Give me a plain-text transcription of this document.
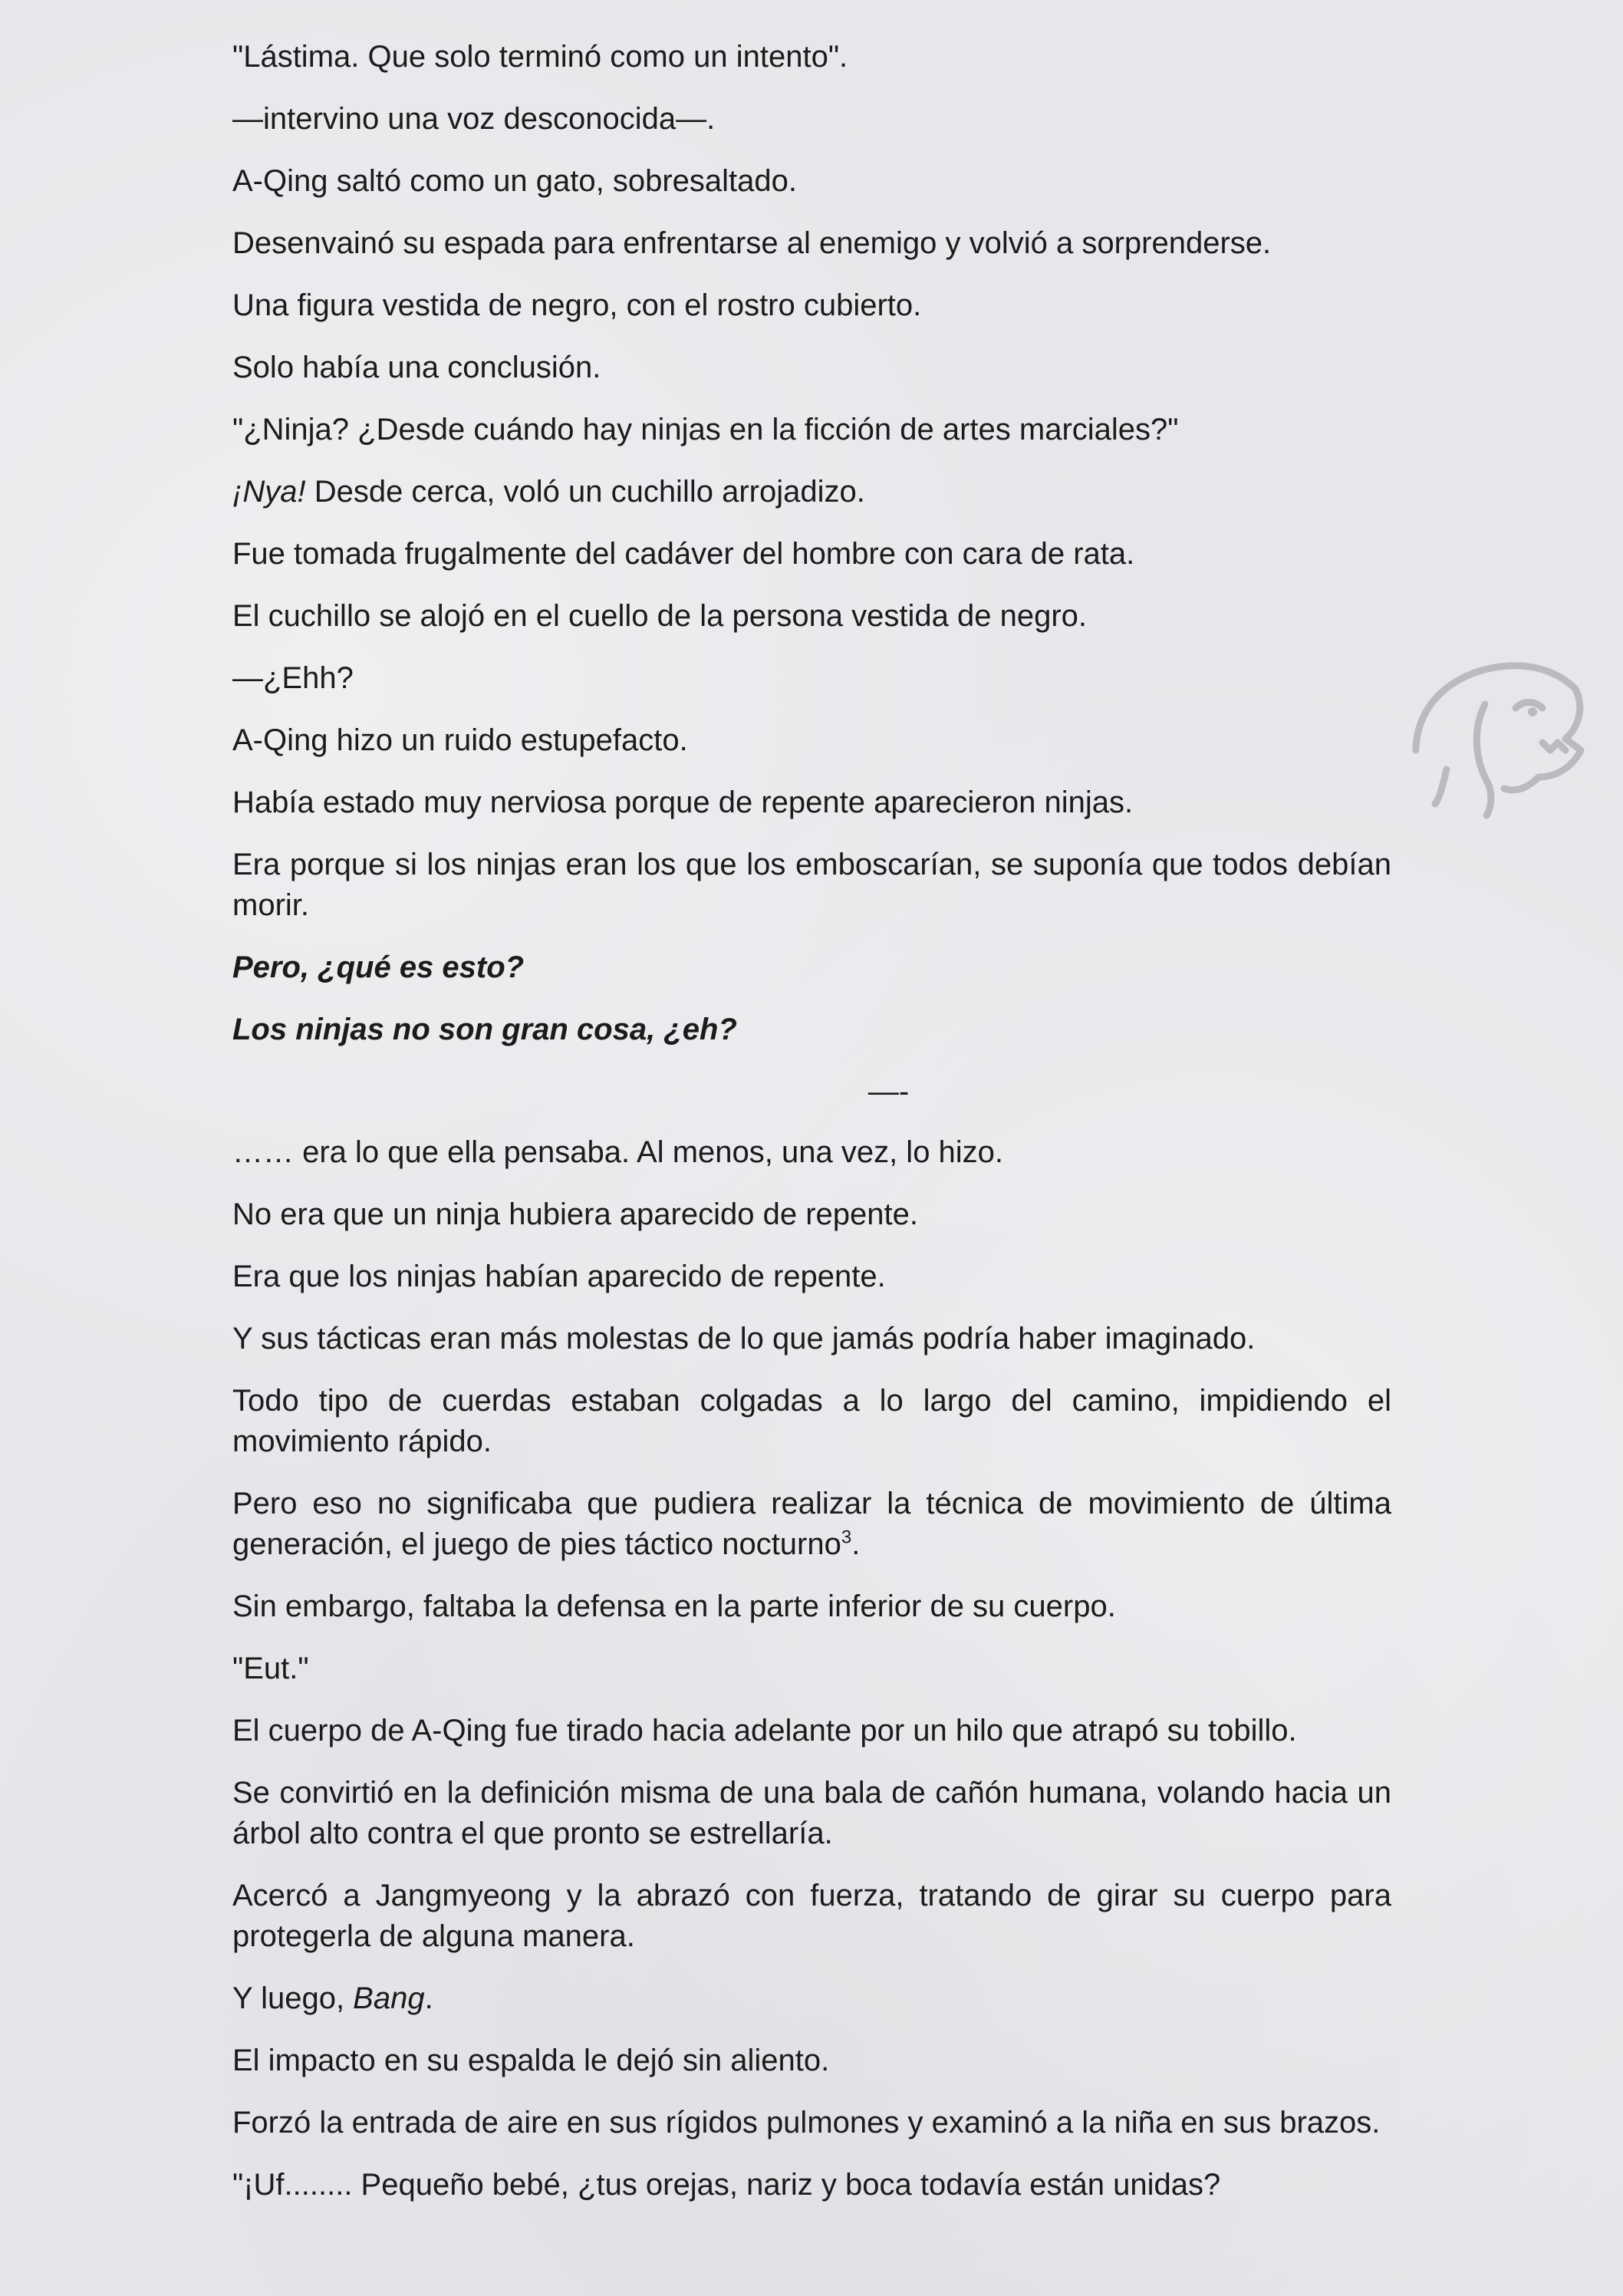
"Lástima. Que solo terminó como un intento".

—intervino una voz desconocida—.

A-Qing saltó como un gato, sobresaltado.

Desenvainó su espada para enfrentarse al enemigo y volvió a sorprenderse.

Una figura vestida de negro, con el rostro cubierto.

Solo había una conclusión.

"¿Ninja? ¿Desde cuándo hay ninjas en la ficción de artes marciales?"

¡Nya! Desde cerca, voló un cuchillo arrojadizo.

Fue tomada frugalmente del cadáver del hombre con cara de rata.

El cuchillo se alojó en el cuello de la persona vestida de negro.

—¿Ehh?

A-Qing hizo un ruido estupefacto.

Había estado muy nerviosa porque de repente aparecieron ninjas.

Era porque si los ninjas eran los que los emboscarían, se suponía que todos debían morir.

Pero, ¿qué es esto?

Los ninjas no son gran cosa, ¿eh?

—-

…… era lo que ella pensaba. Al menos, una vez, lo hizo.

No era que un ninja hubiera aparecido de repente.

Era que los ninjas habían aparecido de repente.

Y sus tácticas eran más molestas de lo que jamás podría haber imaginado.

Todo tipo de cuerdas estaban colgadas a lo largo del camino, impidiendo el movimiento rápido.

Pero eso no significaba que pudiera realizar la técnica de movimiento de última generación, el juego de pies táctico nocturno$^3$.

Sin embargo, faltaba la defensa en la parte inferior de su cuerpo.

"Eut."

El cuerpo de A-Qing fue tirado hacia adelante por un hilo que atrapó su tobillo.

Se convirtió en la definición misma de una bala de cañón humana, volando hacia un árbol alto contra el que pronto se estrellaría.

Acercó a Jangmyeong y la abrazó con fuerza, tratando de girar su cuerpo para protegerla de alguna manera.

Y luego, Bang.

El impacto en su espalda le dejó sin aliento.

Forzó la entrada de aire en sus rígidos pulmones y examinó a la niña en sus brazos.

"¡Uf........ Pequeño bebé, ¿tus orejas, nariz y boca todavía están unidas?
